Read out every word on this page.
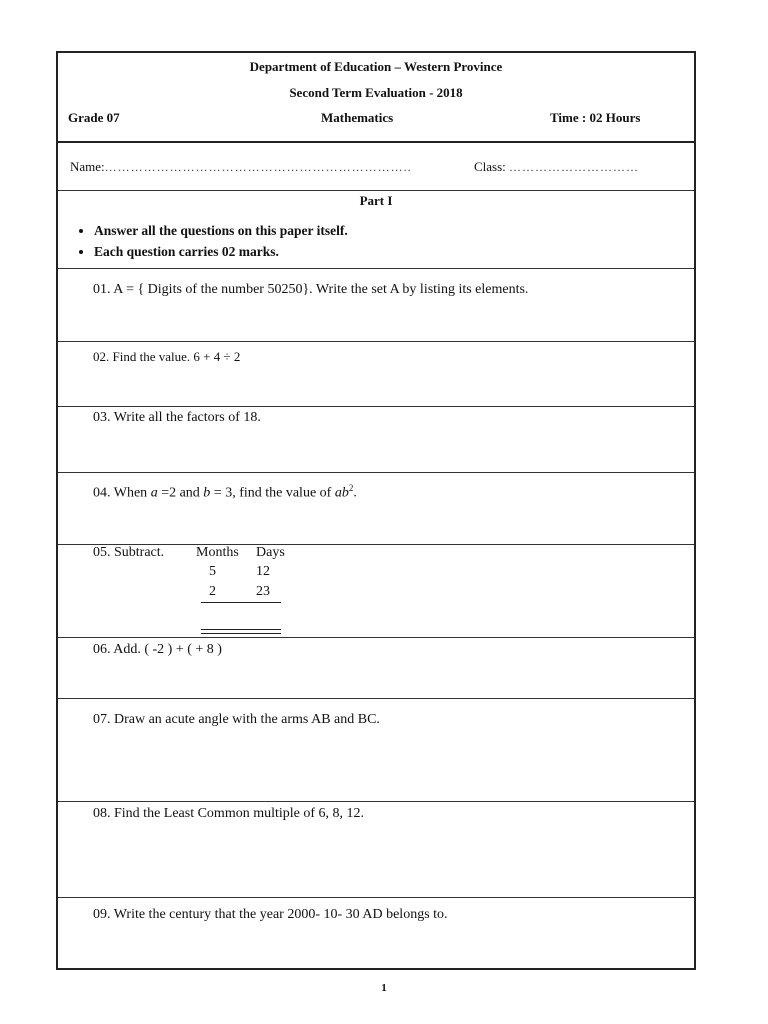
Department of Education – Western Province
Second Term Evaluation - 2018
Grade 07	Mathematics	Time : 02 Hours
Name:……………………………………………………………..	Class: …………………………
Part I
• Answer all the questions on this paper itself.
• Each question carries 02 marks.
01. A = { Digits of the number 50250}. Write the set A by listing its elements.
02. Find the value. 6 + 4 ÷ 2
03. Write all the factors of 18.
04. When a =2 and b = 3, find the value of $ab^2$.
05. Subtract. Months Days
5	12
2	23
06. Add. ( -2 ) + ( + 8 )
07. Draw an acute angle with the arms AB and BC.
08. Find the Least Common multiple of 6, 8, 12.
09. Write the century that the year 2000- 10- 30 AD belongs to.
1
